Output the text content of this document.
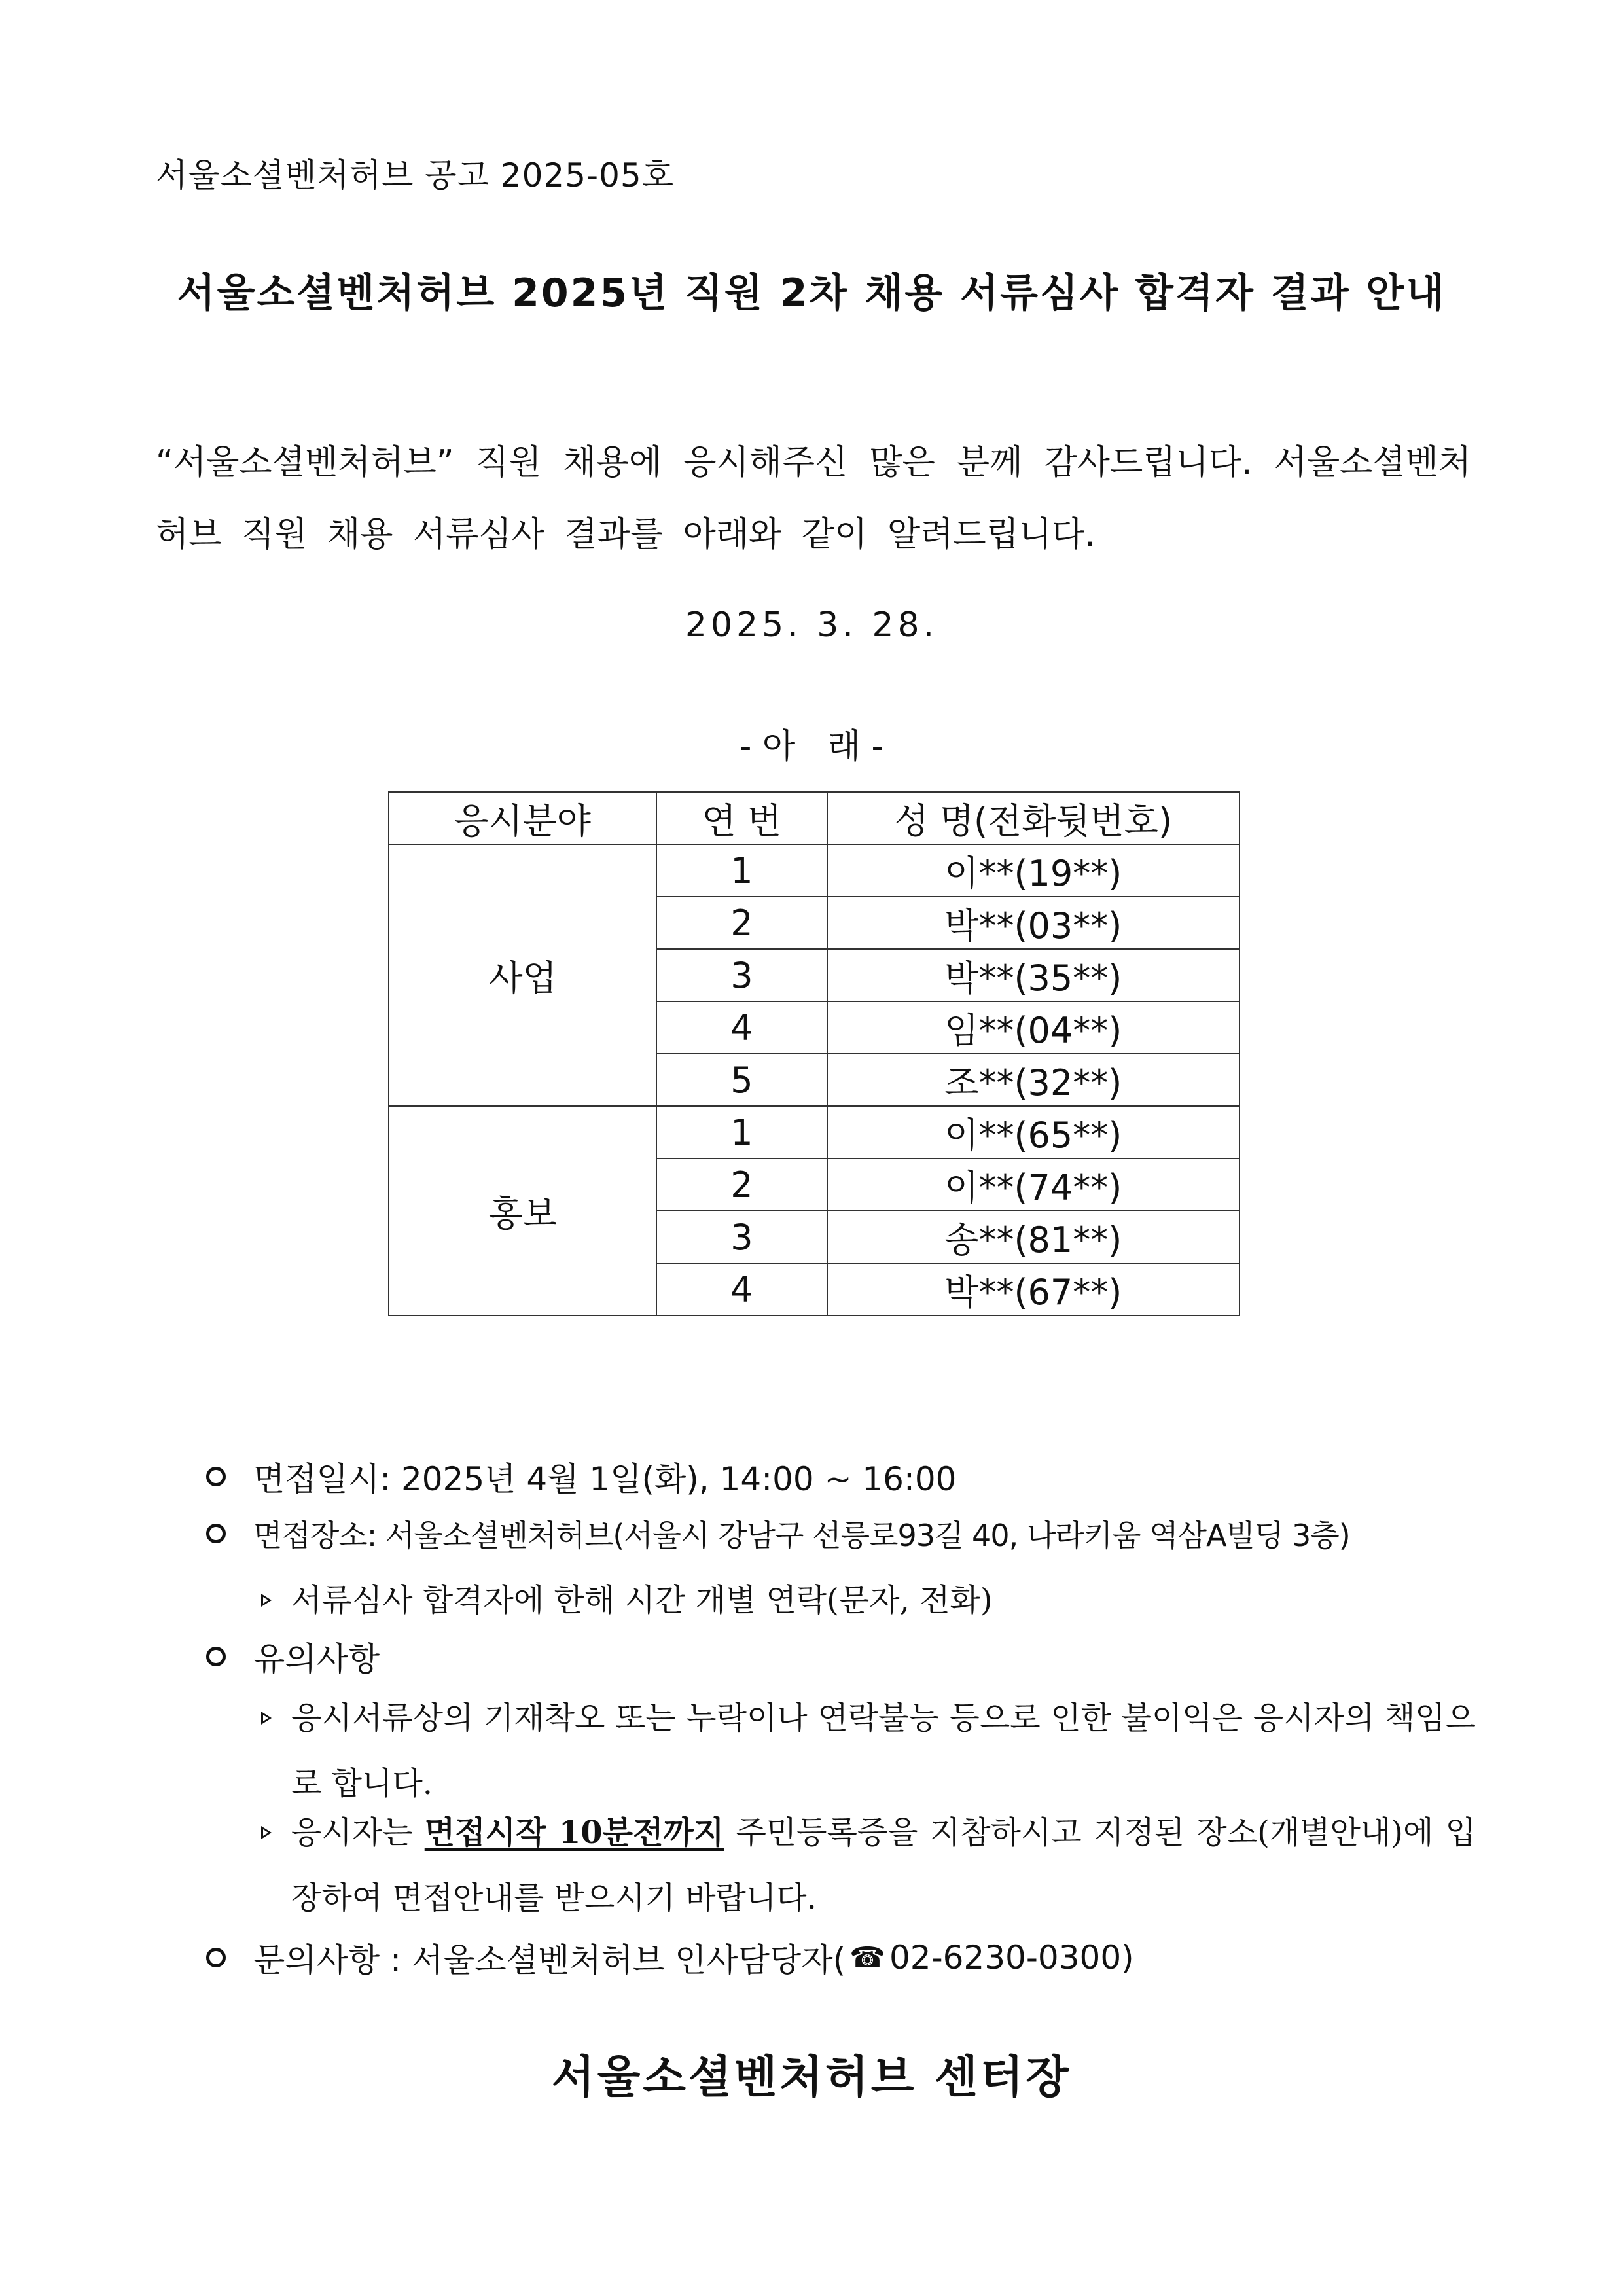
서울소셜벤처허브 공고 2025-05호
서울소셜벤처허브 2025년 직원 2차 채용 서류심사 합격자 결과 안내
“서울소셜벤처허브” 직원 채용에 응시해주신 많은 분께 감사드립니다. 서울소셜벤처허브 직원 채용 서류심사 결과를 아래와 같이 알려드립니다.
2025. 3. 28.
- 아   래 -
응시분야	연 번	성 명(전화뒷번호)
사업	1	이**(19**)
	2	박**(03**)
	3	박**(35**)
	4	임**(04**)
	5	조**(32**)
홍보	1	이**(65**)
	2	이**(74**)
	3	송**(81**)
	4	박**(67**)
면접일시: 2025년 4월 1일(화), 14:00 ~ 16:00
면접장소: 서울소셜벤처허브(서울시 강남구 선릉로93길 40, 나라키움 역삼A빌딩 3층)
서류심사 합격자에 한해 시간 개별 연락(문자, 전화)
유의사항
응시서류상의 기재착오 또는 누락이나 연락불능 등으로 인한 불이익은 응시자의 책임으로 합니다.
응시자는 면접시작 10분전까지 주민등록증을 지참하시고 지정된 장소(개별안내)에 입장하여 면접안내를 받으시기 바랍니다.
문의사항 : 서울소셜벤처허브 인사담당자( ☎ 02-6230-0300)
서울소셜벤처허브 센터장
